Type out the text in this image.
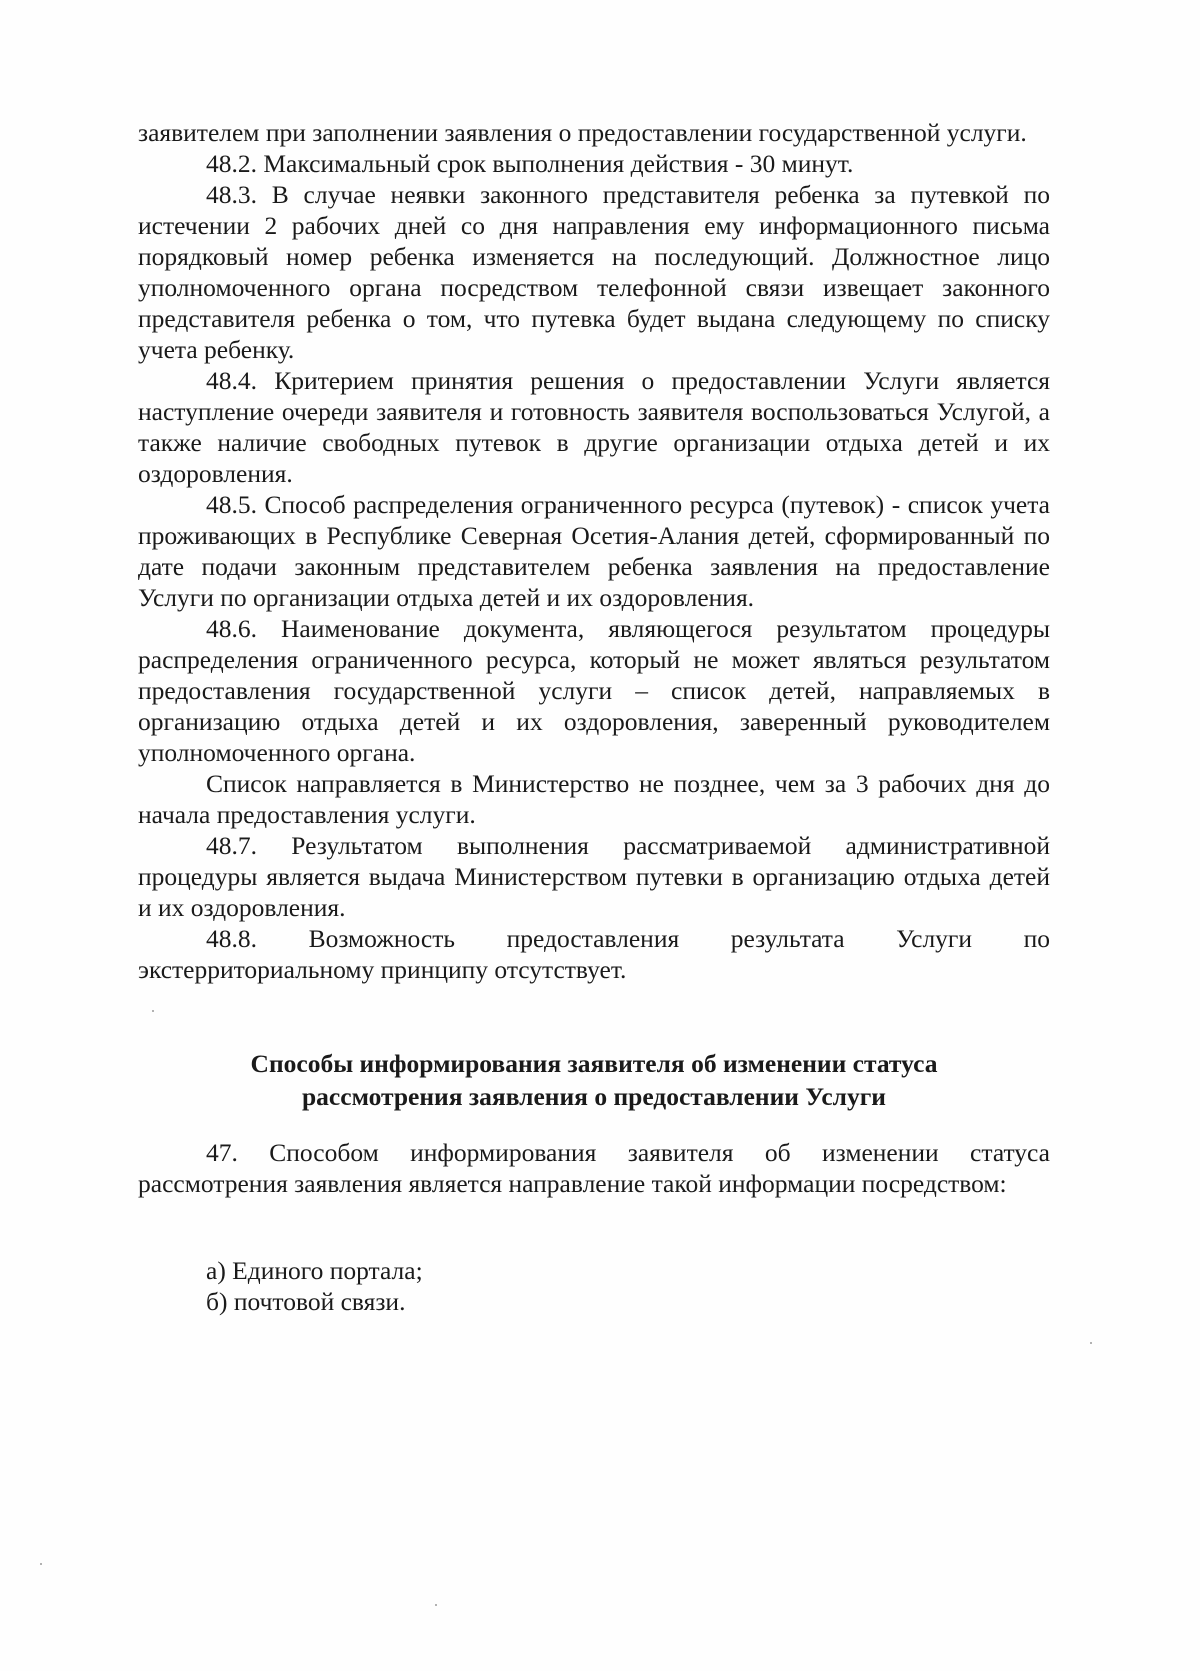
заявителем при заполнении заявления о предоставлении государственной услуги.

48.2. Максимальный срок выполнения действия - 30 минут.

48.3. В случае неявки законного представителя ребенка за путевкой по истечении 2 рабочих дней со дня направления ему информационного письма порядковый номер ребенка изменяется на последующий. Должностное лицо уполномоченного органа посредством телефонной связи извещает законного представителя ребенка о том, что путевка будет выдана следующему по списку учета ребенку.

48.4. Критерием принятия решения о предоставлении Услуги является наступление очереди заявителя и готовность заявителя воспользоваться Услугой, а также наличие свободных путевок в другие организации отдыха детей и их оздоровления.

48.5. Способ распределения ограниченного ресурса (путевок) - список учета проживающих в Республике Северная Осетия-Алания детей, сформированный по дате подачи законным представителем ребенка заявления на предоставление Услуги по организации отдыха детей и их оздоровления.

48.6. Наименование документа, являющегося результатом процедуры распределения ограниченного ресурса, который не может являться результатом предоставления государственной услуги – список детей, направляемых в организацию отдыха детей и их оздоровления, заверенный руководителем уполномоченного органа.

Список направляется в Министерство не позднее, чем за 3 рабочих дня до начала предоставления услуги.

48.7. Результатом выполнения рассматриваемой административной процедуры является выдача Министерством путевки в организацию отдыха детей и их оздоровления.

48.8. Возможность предоставления результата Услуги по экстерриториальному принципу отсутствует.

Способы информирования заявителя об изменении статуса
рассмотрения заявления о предоставлении Услуги

47. Способом информирования заявителя об изменении статуса рассмотрения заявления является направление такой информации посредством:

а) Единого портала;
б) почтовой связи.
